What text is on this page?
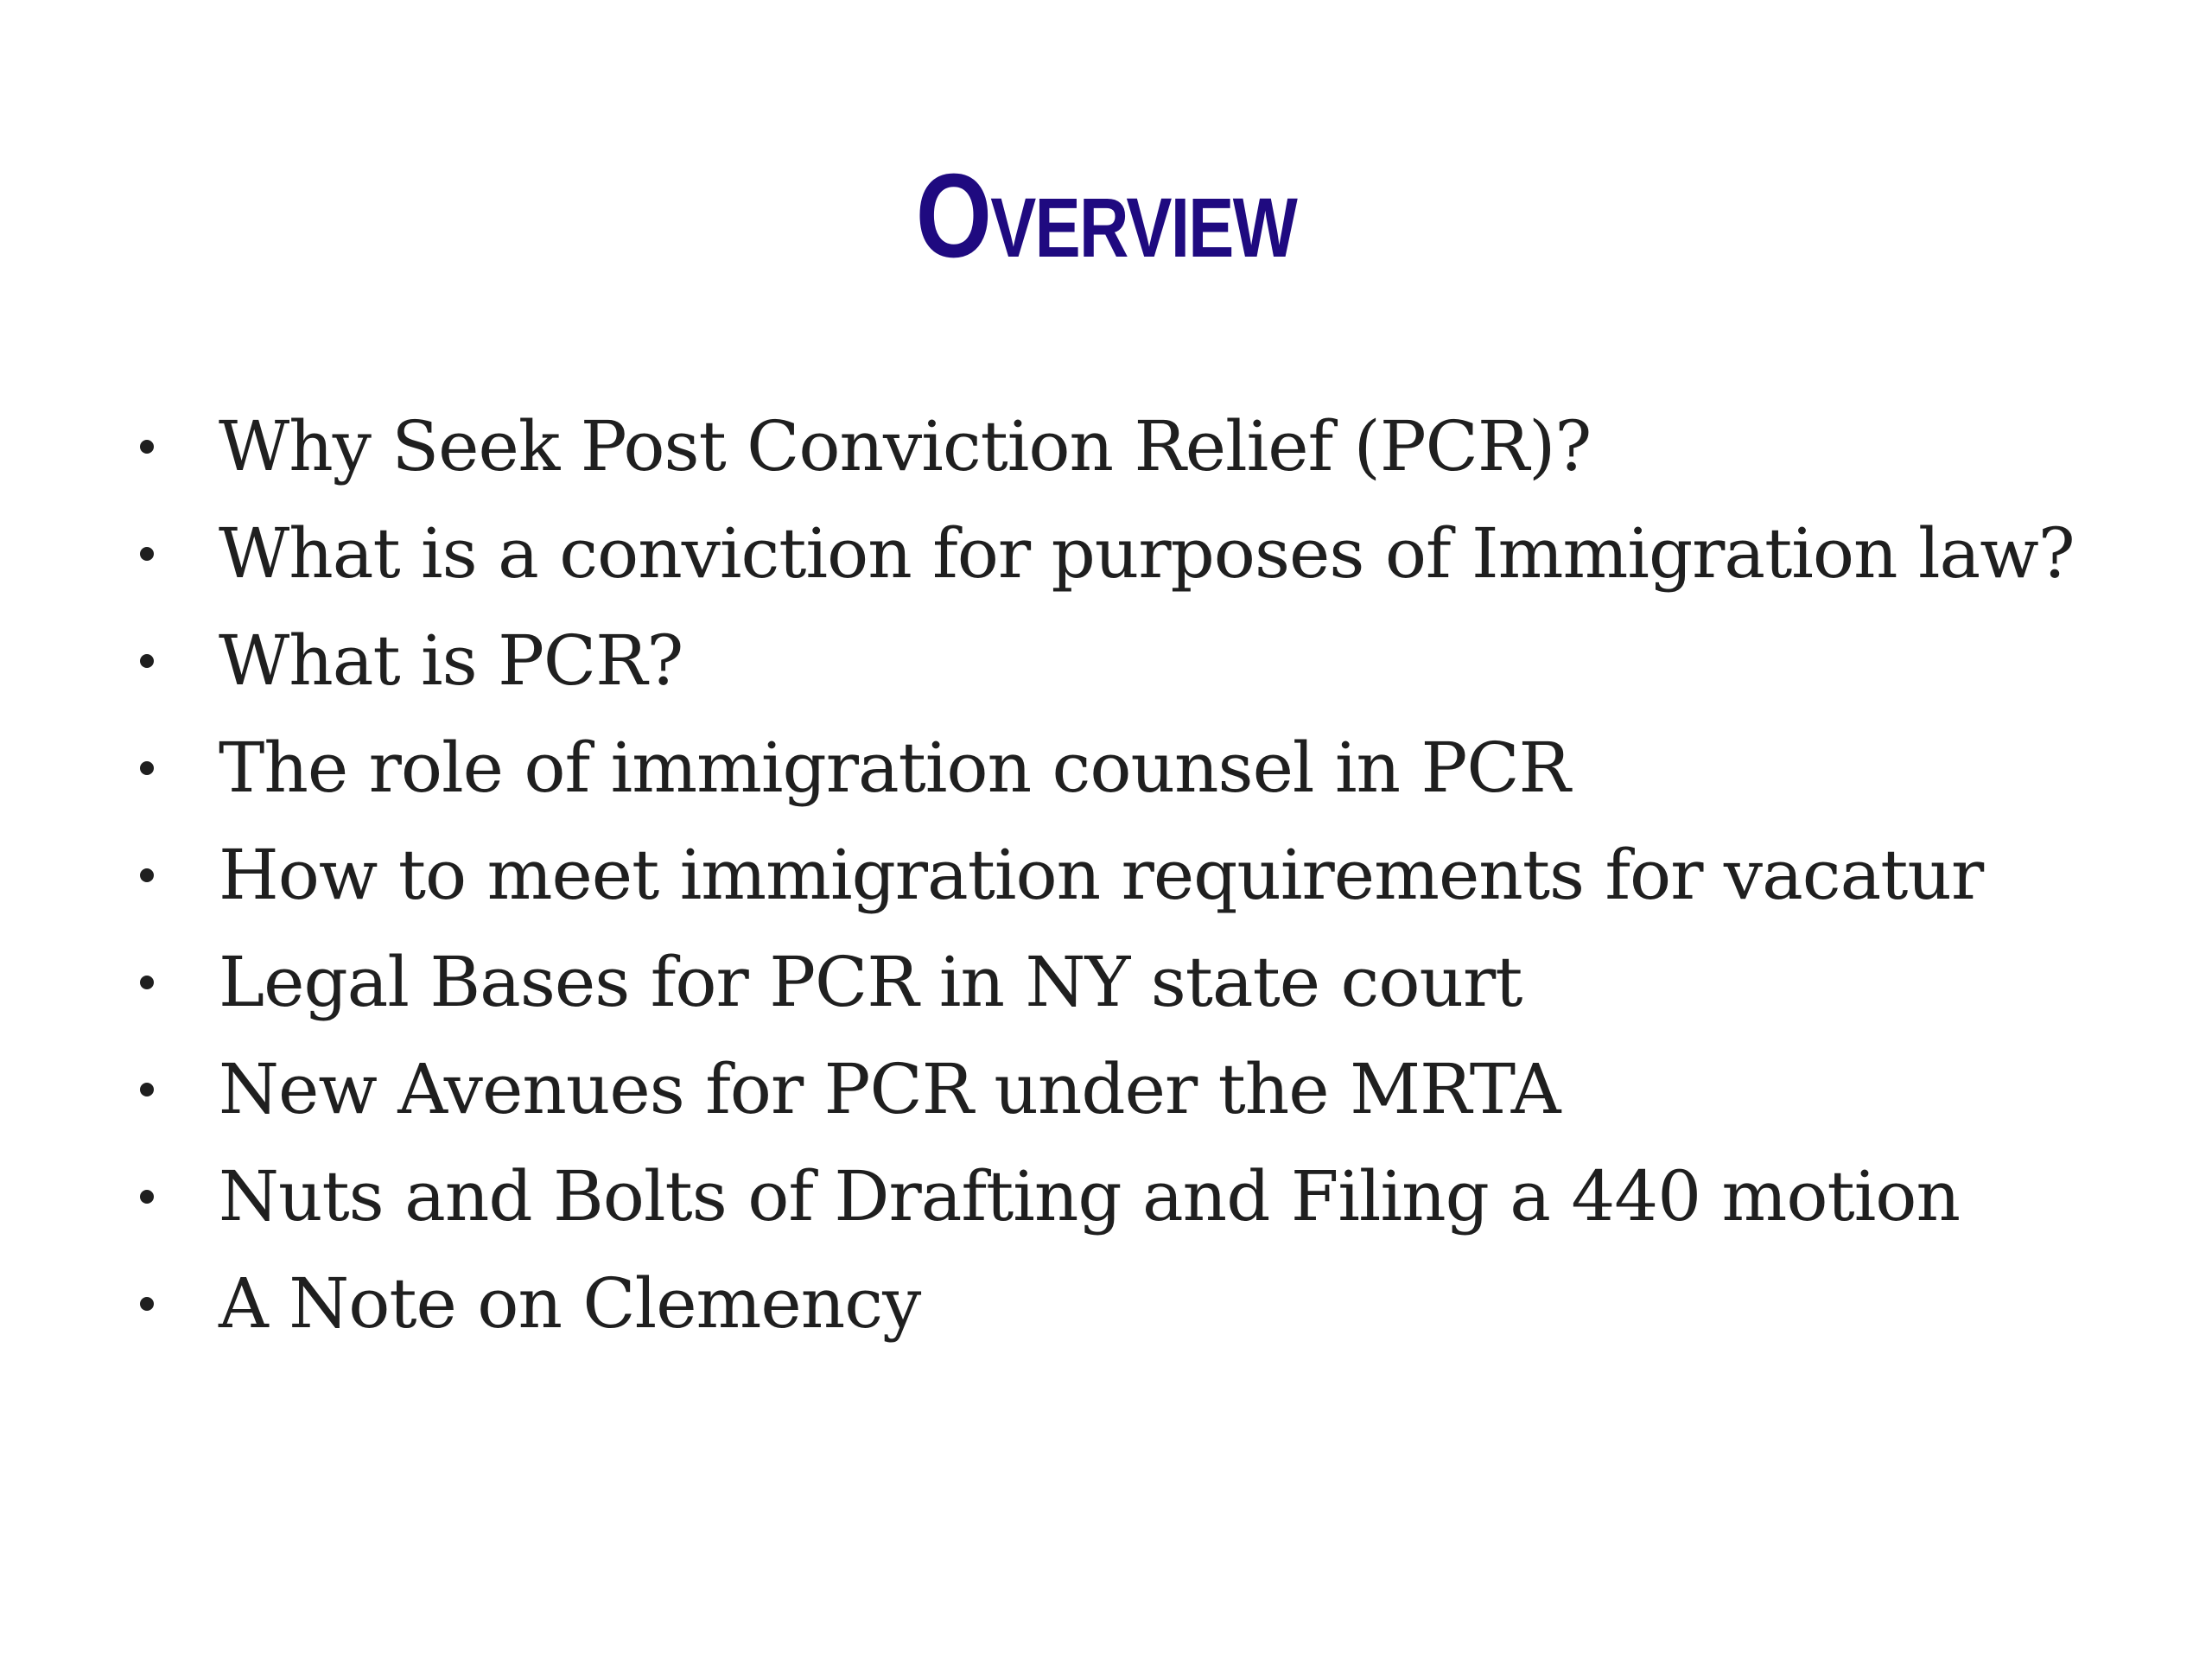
Overview
Why Seek Post Conviction Relief (PCR)?
What is a conviction for purposes of Immigration law?
What is PCR?
The role of immigration counsel in PCR
How to meet immigration requirements for vacatur
Legal Bases for PCR in NY state court
New Avenues for PCR under the MRTA
Nuts and Bolts of Drafting and Filing a 440 motion
A Note on Clemency
